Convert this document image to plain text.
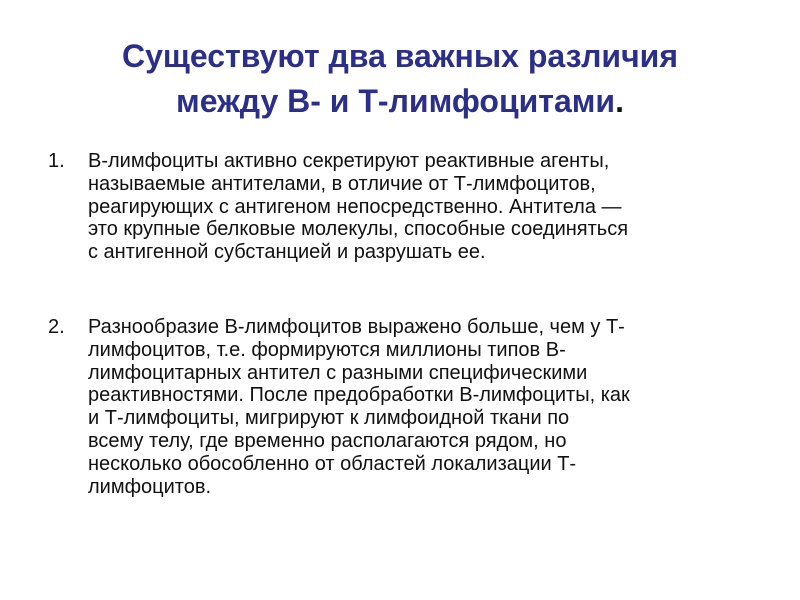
Существуют два важных различия
между В- и Т-лимфоцитами.
1. В-лимфоциты активно секретируют реактивные агенты,
называемые антителами, в отличие от Т-лимфоцитов,
реагирующих с антигеном непосредственно. Антитела —
это крупные белковые молекулы, способные соединяться
с антигенной субстанцией и разрушать ее.
2. Разнообразие В-лимфоцитов выражено больше, чем у Т-
лимфоцитов, т.е. формируются миллионы типов В-
лимфоцитарных антител с разными специфическими
реактивностями. После предобработки В-лимфоциты, как
и Т-лимфоциты, мигрируют к лимфоидной ткани по
всему телу, где временно располагаются рядом, но
несколько обособленно от областей локализации Т-
лимфоцитов.
